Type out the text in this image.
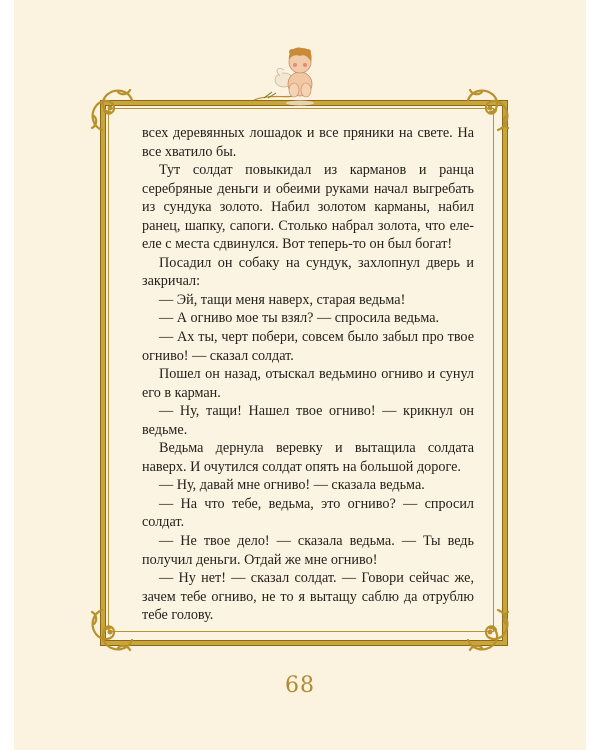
всех деревянных лошадок и все пряники на свете. На все хватило бы.

Тут солдат повыкидал из карманов и ранца серебряные деньги и обеими руками начал выгребать из сундука золото. Набил золотом карманы, набил ранец, шапку, сапоги. Столько набрал золота, что еле-еле с места сдвинулся. Вот теперь-то он был богат!

Посадил он собаку на сундук, захлопнул дверь и закричал:

— Эй, тащи меня наверх, старая ведьма!

— А огниво мое ты взял? — спросила ведьма.

— Ах ты, черт побери, совсем было забыл про твое огниво! — сказал солдат.

Пошел он назад, отыскал ведьмино огниво и сунул его в карман.

— Ну, тащи! Нашел твое огниво! — крикнул он ведьме.

Ведьма дернула веревку и вытащила солдата наверх. И очутился солдат опять на большой дороге.

— Ну, давай мне огниво! — сказала ведьма.

— На что тебе, ведьма, это огниво? — спросил солдат.

— Не твое дело! — сказала ведьма. — Ты ведь получил деньги. Отдай же мне огниво!

— Ну нет! — сказал солдат. — Говори сейчас же, зачем тебе огниво, не то я вытащу саблю да отрублю тебе голову.

68
